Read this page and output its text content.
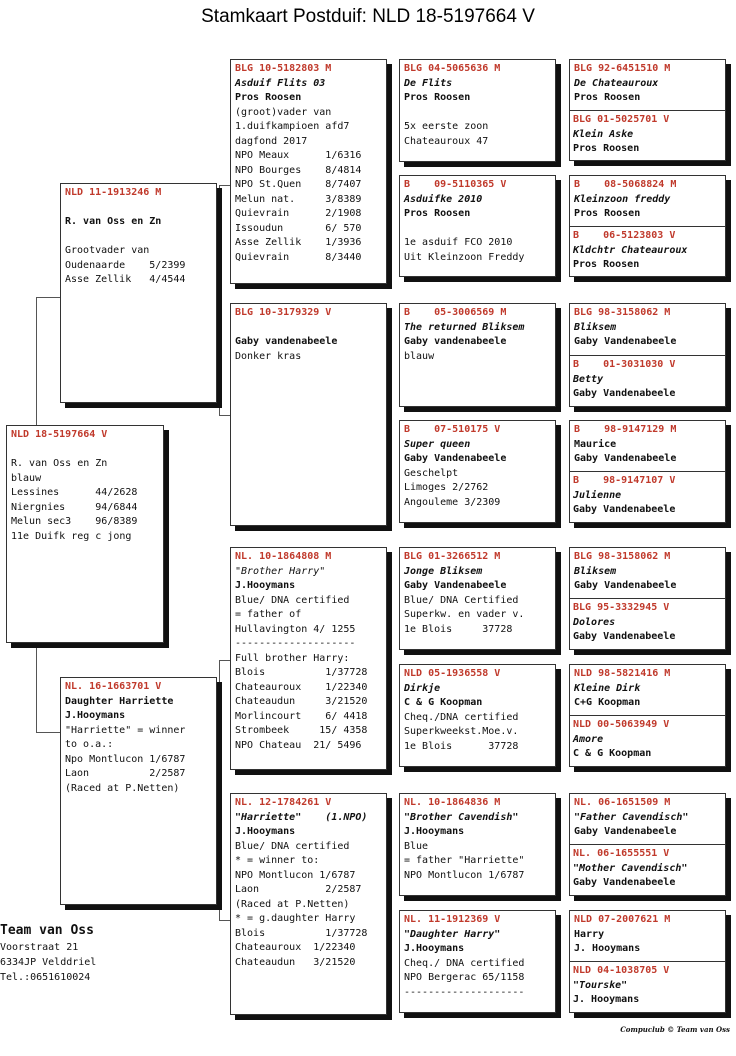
Stamkaart Postduif: NLD 18-5197664 V
NLD 18-5197664 V
R. van Oss en Zn
blauw
Lessines      44/2628
Niergnies     94/6844
Melun sec3    96/8389
11e Duifk reg c jong
NLD 11-1913246 M
R. van Oss en Zn
Grootvader van
Oudenaarde    5/2399
Asse Zellik   4/4544
NL. 16-1663701 V
Daughter Harriette
J.Hooymans
"Harriette" = winner
to o.a.:
Npo Montlucon 1/6787
Laon          2/2587
(Raced at P.Netten)
BLG 10-5182803 M
Asduif Flits 03
Pros Roosen
(groot)vader van
1.duifkampioen afd7
dagfond 2017
NPO Meaux      1/6316
NPO Bourges    8/4814
NPO St.Quen    8/7407
Melun nat.     3/8389
Quievrain      2/1908
Issoudun       6/ 570
Asse Zellik    1/3936
Quievrain      8/3440
BLG 10-3179329 V
Gaby vandenabeele
Donker kras
NL. 10-1864808 M
"Brother Harry"
J.Hooymans
Blue/ DNA certified
= father of
Hullavington 4/ 1255
--------------------
Full brother Harry:
Blois          1/37728
Chateauroux    1/22340
Chateaudun     3/21520
Morlincourt    6/ 4418
Strombeek     15/ 4358
NPO Chateau  21/ 5496
NL. 12-1784261 V
"Harriette"    (1.NPO)
J.Hooymans
Blue/ DNA certified
* = winner to:
NPO Montlucon 1/6787
Laon           2/2587
(Raced at P.Netten)
* = g.daughter Harry
Blois          1/37728
Chateauroux  1/22340
Chateaudun   3/21520
BLG 04-5065636 M
De Flits
Pros Roosen
5x eerste zoon
Chateauroux 47
B    09-5110365 V
Asduifke 2010
Pros Roosen
1e asduif FCO 2010
Uit Kleinzoon Freddy
B    05-3006569 M
The returned Bliksem
Gaby vandenabeele
blauw
B    07-510175 V
Super queen
Gaby Vandenabeele
Geschelpt
Limoges 2/2762
Angouleme 3/2309
BLG 01-3266512 M
Jonge Bliksem
Gaby Vandenabeele
Blue/ DNA Certified
Superkw. en vader v.
1e Blois     37728
NLD 05-1936558 V
Dirkje
C & G Koopman
Cheq./DNA certified
Superkweekst.Moe.v.
1e Blois      37728
NL. 10-1864836 M
"Brother Cavendish"
J.Hooymans
Blue
= father "Harriette"
NPO Montlucon 1/6787
NL. 11-1912369 V
"Daughter Harry"
J.Hooymans
Cheq./ DNA certified
NPO Bergerac 65/1158
--------------------
BLG 92-6451510 M
De Chateauroux
Pros Roosen
BLG 01-5025701 V
Klein Aske
Pros Roosen
B    08-5068824 M
Kleinzoon freddy
Pros Roosen
B    06-5123803 V
Kldchtr Chateauroux
Pros Roosen
BLG 98-3158062 M
Bliksem
Gaby Vandenabeele
B    01-3031030 V
Betty
Gaby Vandenabeele
B    98-9147129 M
Maurice
Gaby Vandenabeele
B    98-9147107 V
Julienne
Gaby Vandenabeele
BLG 98-3158062 M
Bliksem
Gaby Vandenabeele
BLG 95-3332945 V
Dolores
Gaby Vandenabeele
NLD 98-5821416 M
Kleine Dirk
C+G Koopman
NLD 00-5063949 V
Amore
C & G Koopman
NL. 06-1651509 M
"Father Cavendisch"
Gaby Vandenabeele
NL. 06-1655551 V
"Mother Cavendisch"
Gaby Vandenabeele
NLD 07-2007621 M
Harry
J. Hooymans
NLD 04-1038705 V
"Tourske"
J. Hooymans
Team van Oss
Voorstraat 21
6334JP Velddriel
Tel.:0651610024
Compuclub © Team van Oss
